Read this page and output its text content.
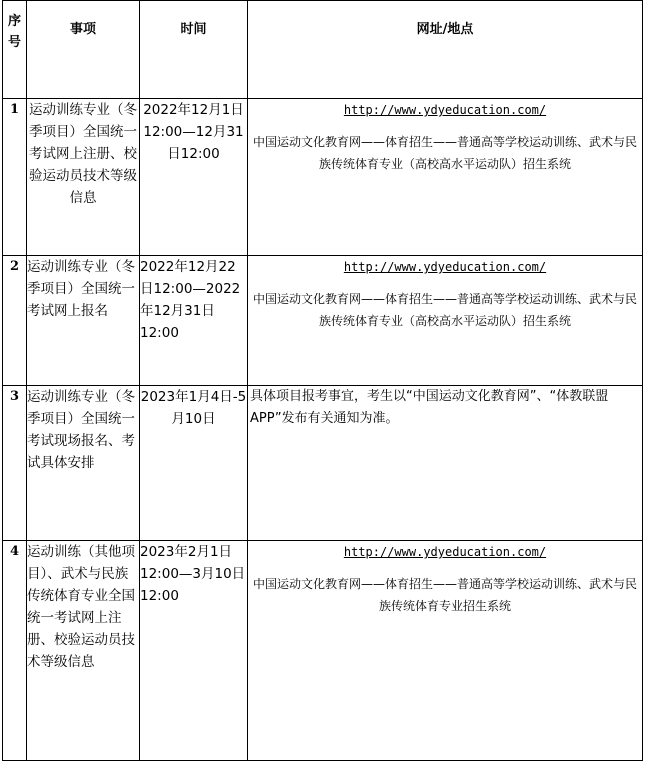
序
号	事项	时间	网址/地点
1	运动训练专业（冬季项目）全国统一考试网上注册、校验运动员技术等级信息	2022年12月1日12:00—12月31日12:00	http://www.ydyeducation.com/
中国运动文化教育网——体育招生——普通高等学校运动训练、武术与民族传统体育专业（高校高水平运动队）招生系统

2	运动训练专业（冬季项目）全国统一考试网上报名	2022年12月22日12:00—2022年12月31日12:00	http://www.ydyeducation.com/
中国运动文化教育网——体育招生——普通高等学校运动训练、武术与民族传统体育专业（高校高水平运动队）招生系统

3	运动训练专业（冬季项目）全国统一考试现场报名、考试具体安排	2023年1月4日-5月10日	具体项目报考事宜，考生以“中国运动文化教育网”、“体教联盟APP”发布有关通知为准。
4	运动训练（其他项目）、武术与民族传统体育专业全国统一考试网上注册、校验运动员技术等级信息	2023年2月1日12:00—3月10日12:00	http://www.ydyeducation.com/
中国运动文化教育网——体育招生——普通高等学校运动训练、武术与民族传统体育专业招生系统
